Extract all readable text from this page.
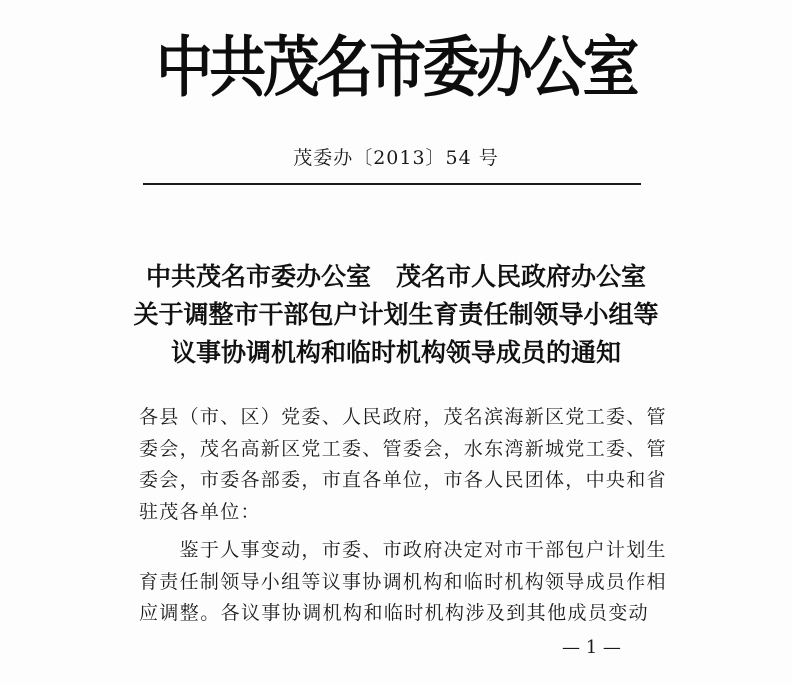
中共茂名市委办公室
茂委办〔2013〕54 号
中共茂名市委办公室　茂名市人民政府办公室
关于调整市干部包户计划生育责任制领导小组等
议事协调机构和临时机构领导成员的通知
各县（市、区）党委、人民政府，茂名滨海新区党工委、管
委会，茂名高新区党工委、管委会，水东湾新城党工委、管
委会，市委各部委，市直各单位，市各人民团体，中央和省
驻茂各单位：
　　鉴于人事变动，市委、市政府决定对市干部包户计划生
育责任制领导小组等议事协调机构和临时机构领导成员作相
应调整。各议事协调机构和临时机构涉及到其他成员变动
— 1 —
